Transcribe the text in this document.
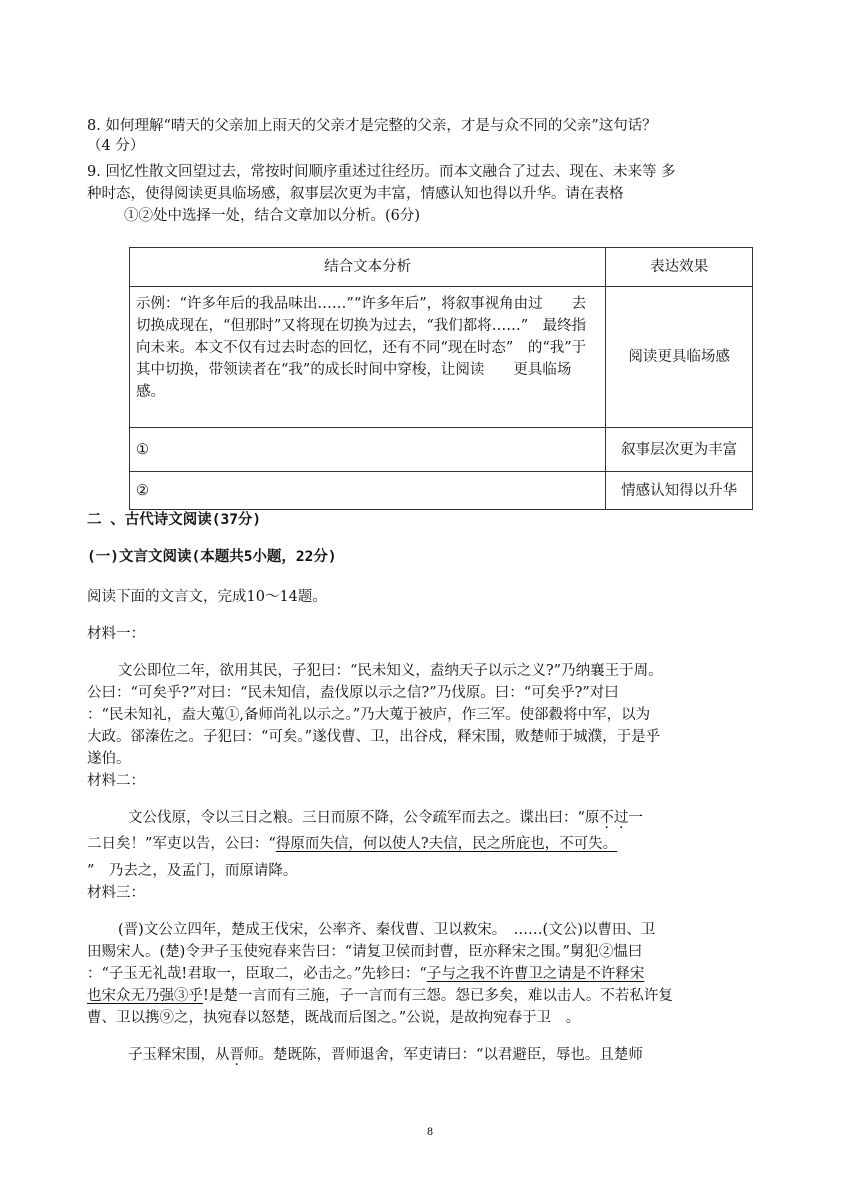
8. 如何理解“晴天的父亲加上雨天的父亲才是完整的父亲，才是与众不同的父亲”这句话？
（4 分）
9. 回忆性散文回望过去，常按时间顺序重述过往经历。而本文融合了过去、现在、未来等 多
种时态，使得阅读更具临场感，叙事层次更为丰富，情感认知也得以升华。请在表格
①②处中选择一处，结合文章加以分析。(6分)
结合文本分析	表达效果
示例：“许多年后的我品味出……”“许多年后”，将叙事视角由过　　去切换成现在，“但那时”又将现在切换为过去，“我们都将……”　最终指向未来。本文不仅有过去时态的回忆，还有不同“现在时态”　的“我”于其中切换，带领读者在“我”的成长时间中穿梭，让阅读　　更具临场感。	阅读更具临场感
①	叙事层次更为丰富
②	情感认知得以升华
二 、古代诗文阅读(37分)
(一)文言文阅读(本题共5小题，22分)
阅读下面的文言文，完成10～14题。
材料一：
文公即位二年，欲用其民，子犯曰：“民未知义，盍纳天子以示之义?”乃纳襄王于周。
公曰：“可矣乎?”对曰：“民未知信，盍伐原以示之信?”乃伐原。曰：“可矣乎?”对曰
：“民未知礼，盍大蒐①,备师尚礼以示之。”乃大蒐于被庐，作三军。使郤縠将中军，以为
大政。郤溱佐之。子犯曰：“可矣。”遂伐曹、卫，出谷戍，释宋围，败楚师于城濮，于是乎
遂伯。
材料二：
文公伐原，令以三日之粮。三日而原不降，公令疏军而去之。谍出曰：“原不过一
二日矣！”军吏以告，公曰：“得原而失信，何以使人?夫信，民之所庇也，不可失。
”　乃去之，及孟门，而原请降。
材料三：
(晋)文公立四年，楚成王伐宋，公率齐、秦伐曹、卫以救宋。　……(文公)以曹田、卫
田赐宋人。(楚)令尹子玉使宛春来告曰：“请复卫侯而封曹，臣亦释宋之围。”舅犯②愠曰
：“子玉无礼哉!君取一，臣取二，必击之。”先轸曰：“子与之我不许曹卫之请是不许释宋
也宋众无乃强③乎!是楚一言而有三施，子一言而有三怨。怨已多矣，难以击人。不若私许复
曹、卫以携⑨之，执宛春以怒楚，既战而后图之。”公说，是故拘宛春于卫　。
子玉释宋围，从晋师。楚既陈，晋师退舍，军吏请曰：“以君避臣，辱也。且楚师
8
